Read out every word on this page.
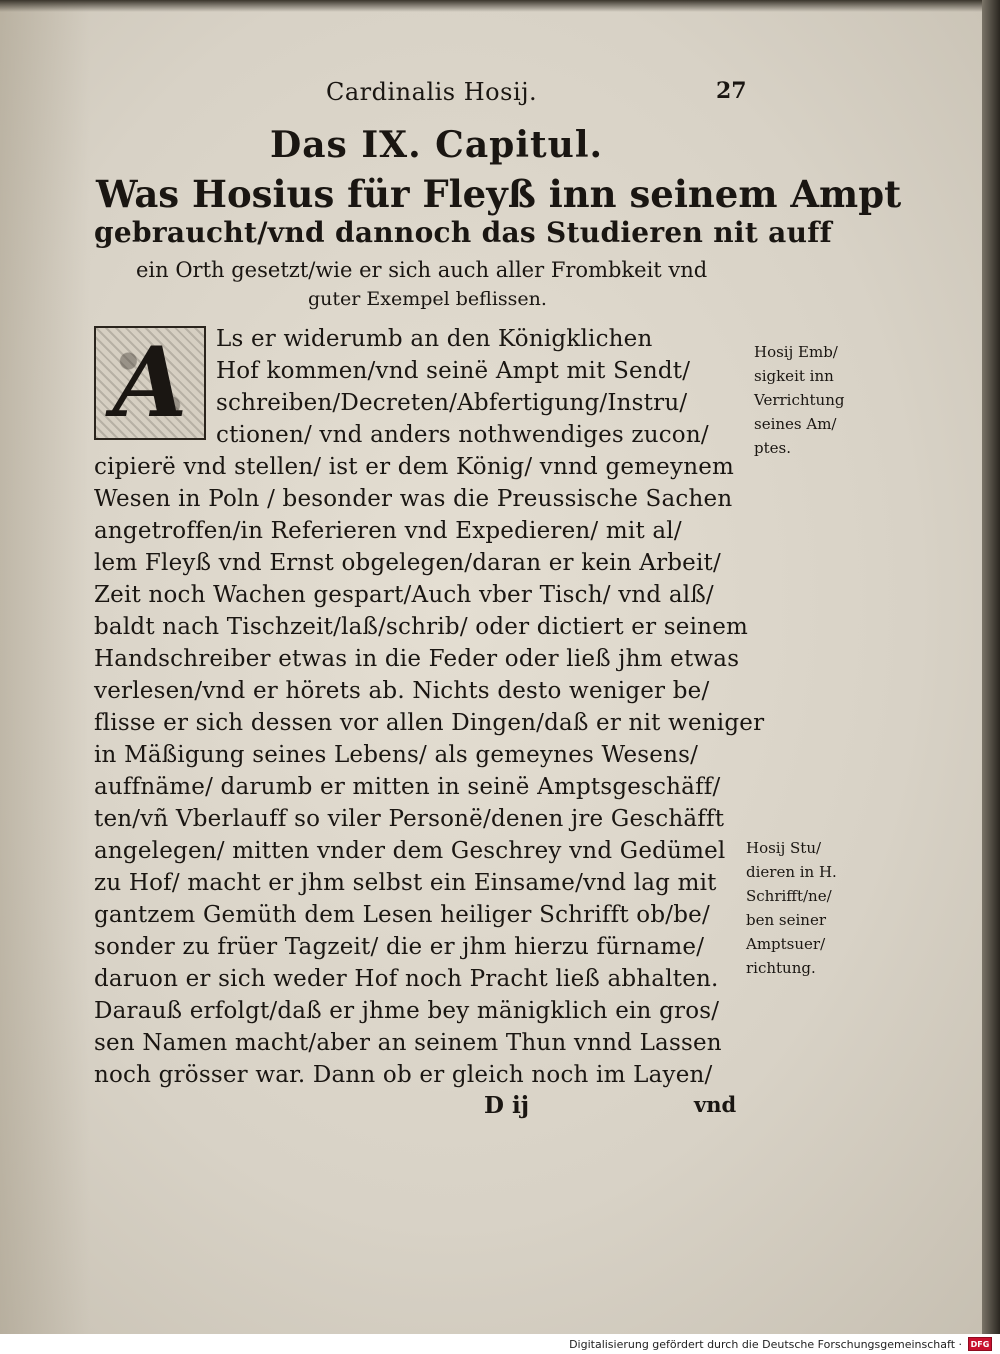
Cardinalis Hosij.	27
Das IX. Capitul.
Was Hosius für Fleyß inn seinem Ampt
gebraucht/vnd dannoch das Studieren nit auff
ein Orth gesetzt/wie er sich auch aller Frombkeit vnd
guter Exempel beflissen.
A Ls er widerumb an den Königklichen
Hof kommen/vnd seinë Ampt mit Sendt/
schreiben/Decreten/Abfertigung/Instru/
ctionen/ vnd anders nothwendiges zucon/
cipierë vnd stellen/ ist er dem König/ vnnd gemeynem
Wesen in Poln / besonder was die Preussische Sachen
angetroffen/in Referieren vnd Expedieren/ mit al/
lem Fleyß vnd Ernst obgelegen/daran er kein Arbeit/
Zeit noch Wachen gespart/Auch vber Tisch/ vnd alß/
baldt nach Tischzeit/laß/schrib/ oder dictiert er seinem
Handschreiber etwas in die Feder oder ließ jhm etwas
verlesen/vnd er hörets ab. Nichts desto weniger be/
flisse er sich dessen vor allen Dingen/daß er nit weniger
in Mäßigung seines Lebens/ als gemeynes Wesens/
auffnäme/ darumb er mitten in seinë Amptsgeschäff/
ten/vñ Vberlauff so viler Personë/denen jre Geschäfft
angelegen/ mitten vnder dem Geschrey vnd Gedümel
zu Hof/ macht er jhm selbst ein Einsame/vnd lag mit
gantzem Gemüth dem Lesen heiliger Schrifft ob/be/
sonder zu früer Tagzeit/ die er jhm hierzu fürname/
daruon er sich weder Hof noch Pracht ließ abhalten.
Darauß erfolgt/daß er jhme bey mänigklich ein gros/
sen Namen macht/aber an seinem Thun vnnd Lassen
noch grösser war. Dann ob er gleich noch im Layen/
Hosij Emb/
sigkeit inn
Verrichtung
seines Am/
ptes.
Hosij Stu/
dieren in H.
Schrifft/ne/
ben seiner
Amptsuer/
richtung.
D ij	vnd
Digitalisierung gefördert durch die Deutsche Forschungsgemeinschaft ·	DFG
